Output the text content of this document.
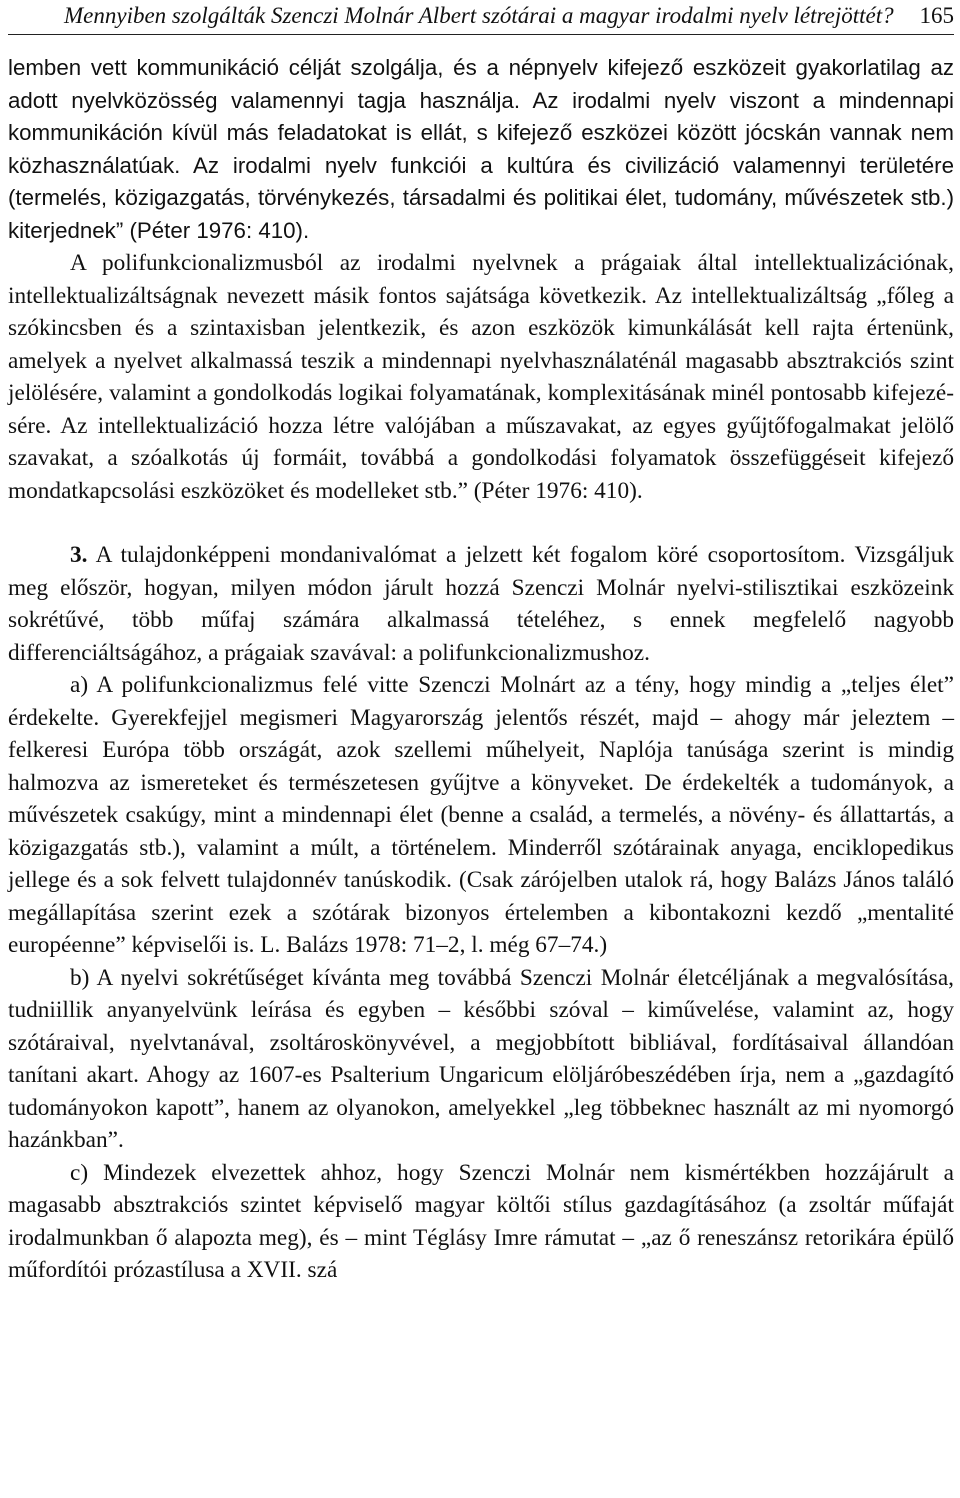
Mennyiben szolgálták Szenczi Molnár Albert szótárai a magyar irodalmi nyelv létrejöttét? 165

lemben vett kommunikáció célját szolgálja, és a népnyelv kifejező eszközeit gyakorlatilag az adott nyelvközösség valamennyi tagja használja. Az irodalmi nyelv viszont a mindennapi kommunikáción kívül más feladatokat is ellát, s kifejező eszközei között jócskán vannak nem közhasználatúak. Az irodalmi nyelv funkciói a kultúra és civilizáció valamennyi területére (termelés, közigazgatás, törvénykezés, társadalmi és politikai élet, tudomány, művészetek stb.) kiterjednek” (Péter 1976: 410).

A polifunkcionalizmusból az irodalmi nyelvnek a prágaiak által intellektualizációnak, intellektualizáltságnak nevezett másik fontos sajátsága következik. Az intellektualizáltság „főleg a szókincsben és a szintaxisban jelentkezik, és azon eszközök kimunkálását kell rajta értenünk, amelyek a nyelvet alkalmassá teszik a mindennapi nyelvhasználaténál magasabb absztrakciós szint jelölésére, valamint a gondolkodás logikai folyamatának, komplexitásának minél pontosabb kifejezésére. Az intellektualizáció hozza létre valójában a műszavakat, az egyes gyűjtőfogalmakat jelölő szavakat, a szóalkotás új formáit, továbbá a gondolkodási folyamatok összefüggéseit kifejező mondatkapcsolási eszközöket és modelleket stb.” (Péter 1976: 410).

3. A tulajdonképpeni mondanivalómat a jelzett két fogalom köré csoportosítom. Vizsgáljuk meg először, hogyan, milyen módon járult hozzá Szenczi Molnár nyelvi-stilisztikai eszközeink sokrétűvé, több műfaj számára alkalmassá tételéhez, s ennek megfelelő nagyobb differenciáltságához, a prágaiak szavával: a polifunkcionalizmushoz.

a) A polifunkcionalizmus felé vitte Szenczi Molnárt az a tény, hogy mindig a „teljes élet” érdekelte. Gyerekfejjel megismeri Magyarország jelentős részét, majd – ahogy már jeleztem – felkeresi Európa több országát, azok szellemi műhelyeit, Naplója tanúsága szerint is mindig halmozva az ismereteket és természetesen gyűjtve a könyveket. De érdekelték a tudományok, a művészetek csakúgy, mint a mindennapi élet (benne a család, a termelés, a növény- és állattartás, a közigazgatás stb.), valamint a múlt, a történelem. Minderről szótárainak anyaga, enciklopedikus jellege és a sok felvett tulajdonnév tanúskodik. (Csak zárójelben utalok rá, hogy Balázs János találó megállapítása szerint ezek a szótárak bizonyos értelemben a kibontakozni kezdő „mentalité européenne” képviselői is. L. Balázs 1978: 71–2, l. még 67–74.)

b) A nyelvi sokrétűséget kívánta meg továbbá Szenczi Molnár életcéljának a megvalósítása, tudniillik anyanyelvünk leírása és egyben – későbbi szóval – kiművelése, valamint az, hogy szótáraival, nyelvtanával, zsoltároskönyvével, a megjobbított bibliával, fordításaival állandóan tanítani akart. Ahogy az 1607-es Psalterium Ungaricum elöljáróbeszédében írja, nem a „gazdagító tudományokon kapott”, hanem az olyanokon, amelyekkel „leg többeknec használt az mi nyomorgó hazánkban”.

c) Mindezek elvezettek ahhoz, hogy Szenczi Molnár nem kismértékben hozzájárult a magasabb absztrakciós szintet képviselő magyar költői stílus gazdagításához (a zsoltár műfaját irodalmunkban ő alapozta meg), és – mint Téglásy Imre rámutat – „az ő reneszánsz retorikára épülő műfordítói prózastílusa a XVII. szá
